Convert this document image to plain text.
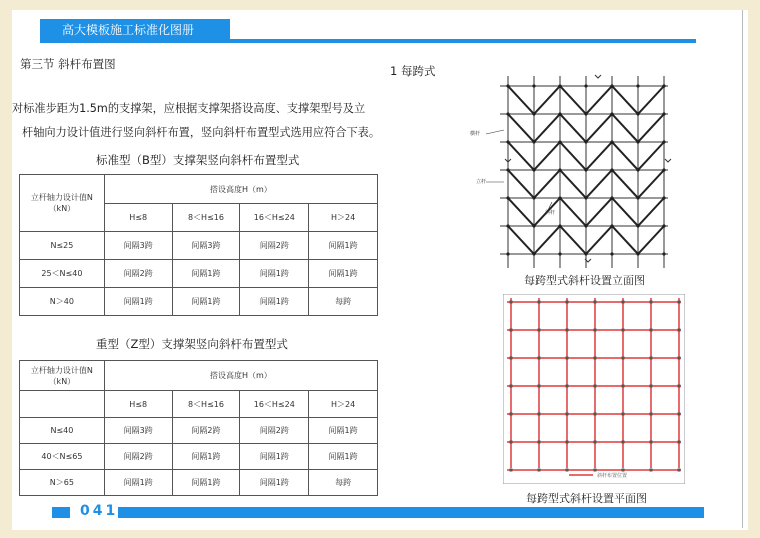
高大模板施工标准化图册
第三节 斜杆布置图
对标准步距为1.5m的支撑架，应根据支撑架搭设高度、支撑架型号及立
杆轴向力设计值进行竖向斜杆布置，竖向斜杆布置型式选用应符合下表。
标准型（B型）支撑架竖向斜杆布置型式
立杆轴力设计值N
（kN）	搭设高度H（m）			
	H≤8	8＜H≤16	16＜H≤24	H＞24
N≤25	间隔3跨	间隔3跨	间隔2跨	间隔1跨
25＜N≤40	间隔2跨	间隔1跨	间隔1跨	间隔1跨
N＞40	间隔1跨	间隔1跨	间隔1跨	每跨
重型（Z型）支撑架竖向斜杆布置型式
立杆轴力设计值N
（kN）	搭设高度H（m）			
	H≤8	8＜H≤16	16＜H≤24	H＞24
N≤40	间隔3跨	间隔2跨	间隔2跨	间隔1跨
40＜N≤65	间隔2跨	间隔1跨	间隔1跨	间隔1跨
N＞65	间隔1跨	间隔1跨	间隔1跨	每跨
1 每跨式
横杆
立杆
斜杆
每跨型式斜杆设置立面图
斜杆布置位置
每跨型式斜杆设置平面图
041
